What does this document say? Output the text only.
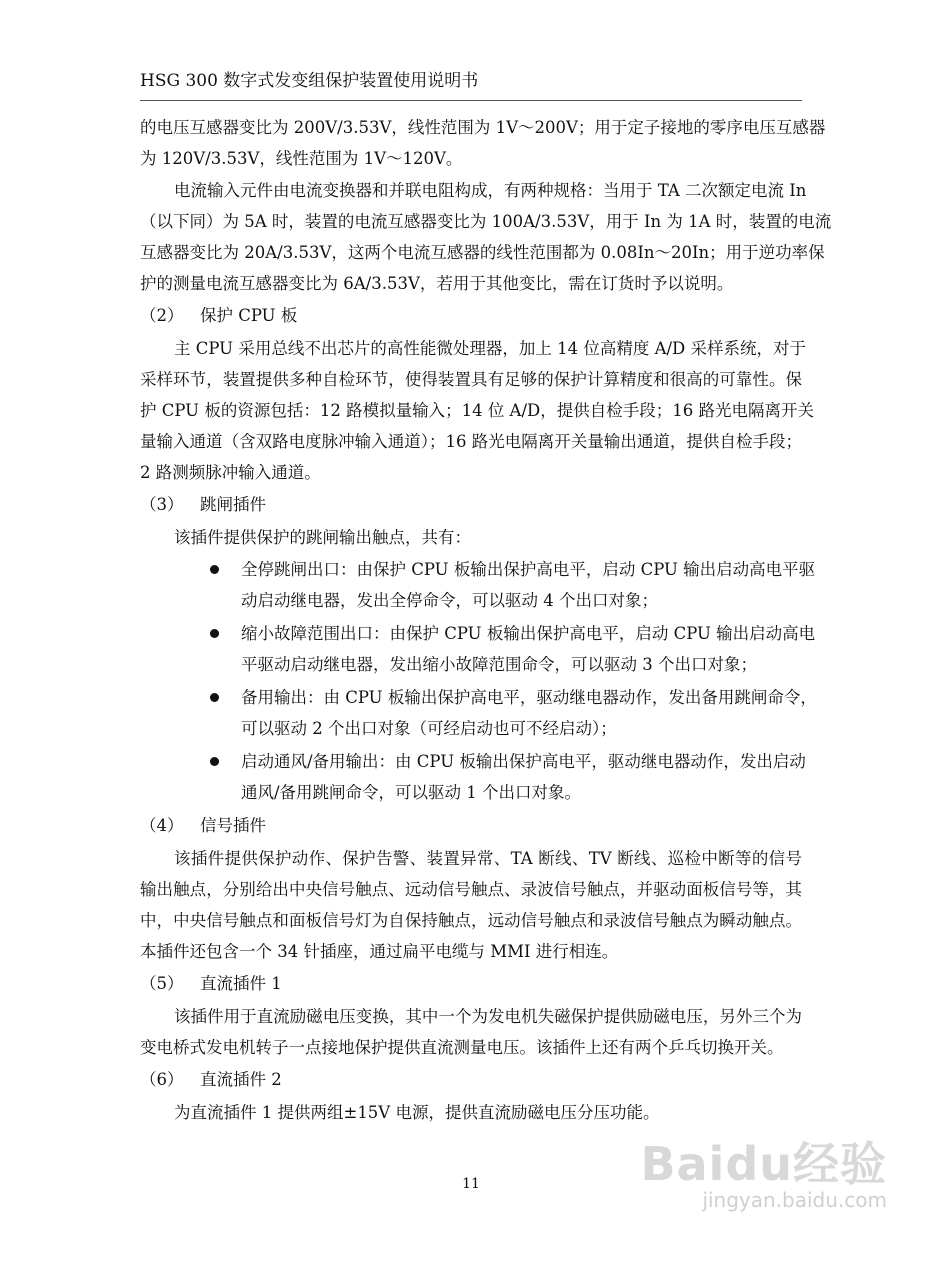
HSG 300 数字式发变组保护装置使用说明书
的电压互感器变比为 200V/3.53V，线性范围为 1V～200V；用于定子接地的零序电压互感器
为 120V/3.53V，线性范围为 1V～120V。
电流输入元件由电流变换器和并联电阻构成，有两种规格：当用于 TA 二次额定电流 In
（以下同）为 5A 时，装置的电流互感器变比为 100A/3.53V，用于 In 为 1A 时，装置的电流
互感器变比为 20A/3.53V，这两个电流互感器的线性范围都为 0.08In～20In；用于逆功率保
护的测量电流互感器变比为 6A/3.53V，若用于其他变比，需在订货时予以说明。
（2）	保护 CPU 板
主 CPU 采用总线不出芯片的高性能微处理器，加上 14 位高精度 A/D 采样系统，对于
采样环节，装置提供多种自检环节，使得装置具有足够的保护计算精度和很高的可靠性。保
护 CPU 板的资源包括：12 路模拟量输入；14 位 A/D，提供自检手段；16 路光电隔离开关
量输入通道（含双路电度脉冲输入通道）；16 路光电隔离开关量输出通道，提供自检手段；
2 路测频脉冲输入通道。
（3）	跳闸插件
该插件提供保护的跳闸输出触点，共有：
全停跳闸出口：由保护 CPU 板输出保护高电平，启动 CPU 输出启动高电平驱
动启动继电器，发出全停命令，可以驱动 4 个出口对象；
缩小故障范围出口：由保护 CPU 板输出保护高电平，启动 CPU 输出启动高电
平驱动启动继电器，发出缩小故障范围命令，可以驱动 3 个出口对象；
备用输出：由 CPU 板输出保护高电平，驱动继电器动作，发出备用跳闸命令，
可以驱动 2 个出口对象（可经启动也可不经启动）；
启动通风/备用输出：由 CPU 板输出保护高电平，驱动继电器动作，发出启动
通风/备用跳闸命令，可以驱动 1 个出口对象。
（4）	信号插件
该插件提供保护动作、保护告警、装置异常、TA 断线、TV 断线、巡检中断等的信号
输出触点，分别给出中央信号触点、远动信号触点、录波信号触点，并驱动面板信号等，其
中，中央信号触点和面板信号灯为自保持触点，远动信号触点和录波信号触点为瞬动触点。
本插件还包含一个 34 针插座，通过扁平电缆与 MMI 进行相连。
（5）	直流插件 1
该插件用于直流励磁电压变换，其中一个为发电机失磁保护提供励磁电压，另外三个为
变电桥式发电机转子一点接地保护提供直流测量电压。该插件上还有两个乒乓切换开关。
（6）	直流插件 2
为直流插件 1 提供两组±15V 电源，提供直流励磁电压分压功能。
11	Baidu经验
jingyan.baidu.com
